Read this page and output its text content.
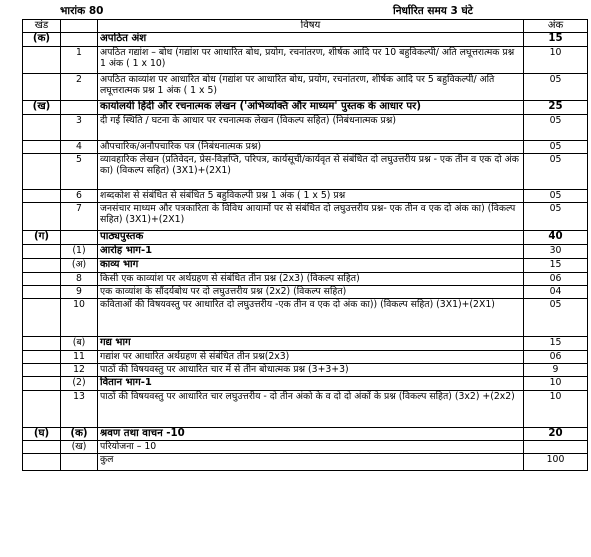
भारांक 80	निर्धारित समय 3 घंटे
खंड		विषय	अंक
(क)		अपठित अंश	15
	1	अपठित गद्यांश – बोध (गद्यांश पर आधारित बोध, प्रयोग, रचनांतरण, शीर्षक आदि पर 10 बहुविकल्पी/ अति लघूत्तरात्मक प्रश्न 1 अंक ( 1 x 10)	10
	2	अपठित काव्यांश पर आधारित बोध (गद्यांश पर आधारित बोध, प्रयोग, रचनांतरण, शीर्षक आदि पर 5 बहुविकल्पी/ अति लघूत्तरात्मक प्रश्न 1 अंक ( 1 x 5)	05
(ख)		कार्यालयी हिंदी और रचनात्मक लेखन ('अभिव्यक्ति और माध्यम' पुस्तक के आधार पर)	25
	3	दी गई स्थिति / घटना के आधार पर रचनात्मक लेखन (विकल्प सहित) (निबंधनात्मक प्रश्न)	05
	4	औपचारिक/अनौपचारिक पत्र (निबंधनात्मक प्रश्न)	05
	5	व्यावहारिक लेखन (प्रतिवेदन, प्रेस-विज्ञप्ति, परिपत्र, कार्यसूची/कार्यवृत से संबंधित दो लघुउत्तरीय प्रश्न - एक तीन व एक दो अंक का) (विकल्प सहित) (3X1)+(2X1)	05
	6	शब्दकोश से संबंधित से संबंधित 5 बहुविकल्पी प्रश्न 1 अंक ( 1 x 5) प्रश्न	05
	7	जनसंचार माध्यम और पत्रकारिता के विविध आयामों पर से संबंधित दो लघुउत्तरीय प्रश्न- एक तीन व एक दो अंक का) (विकल्प सहित) (3X1)+(2X1)	05
(ग)		पाठ्यपुस्तक	40
	(1)	आरोह भाग-1	30
	(अ)	काव्य भाग	15
	8	किसी एक काव्यांश पर अर्थग्रहण से संबंधित तीन प्रश्न (2x3) (विकल्प सहित)	06
	9	एक काव्यांश के सौंदर्यबोध पर दो लघुउत्तरीय प्रश्न (2x2) (विकल्प सहित)	04
	10	कविताओं की विषयवस्तु पर आधारित दो लघुउत्तरीय -एक तीन व एक दो अंक का)) (विकल्प सहित) (3X1)+(2X1)	05
	(ब)	गद्य भाग	15
	11	गद्यांश पर आधारित अर्थग्रहण से संबंधित तीन प्रश्न(2x3)	06
	12	पाठों की विषयवस्तु पर आधारित चार में से तीन बोधात्मक प्रश्न (3+3+3)	9
	(2)	वितान भाग-1	10
	13	पाठों की विषयवस्तु पर आधारित चार लघुउत्तरीय - दो तीन अंको के व दो दो अंकों के प्रश्न (विकल्प सहित) (3x2) +(2x2)	10
(घ)	(क)	श्रवण तथा वाचन -10	20
	(ख)	परियोजना – 10	
		कुल	100
